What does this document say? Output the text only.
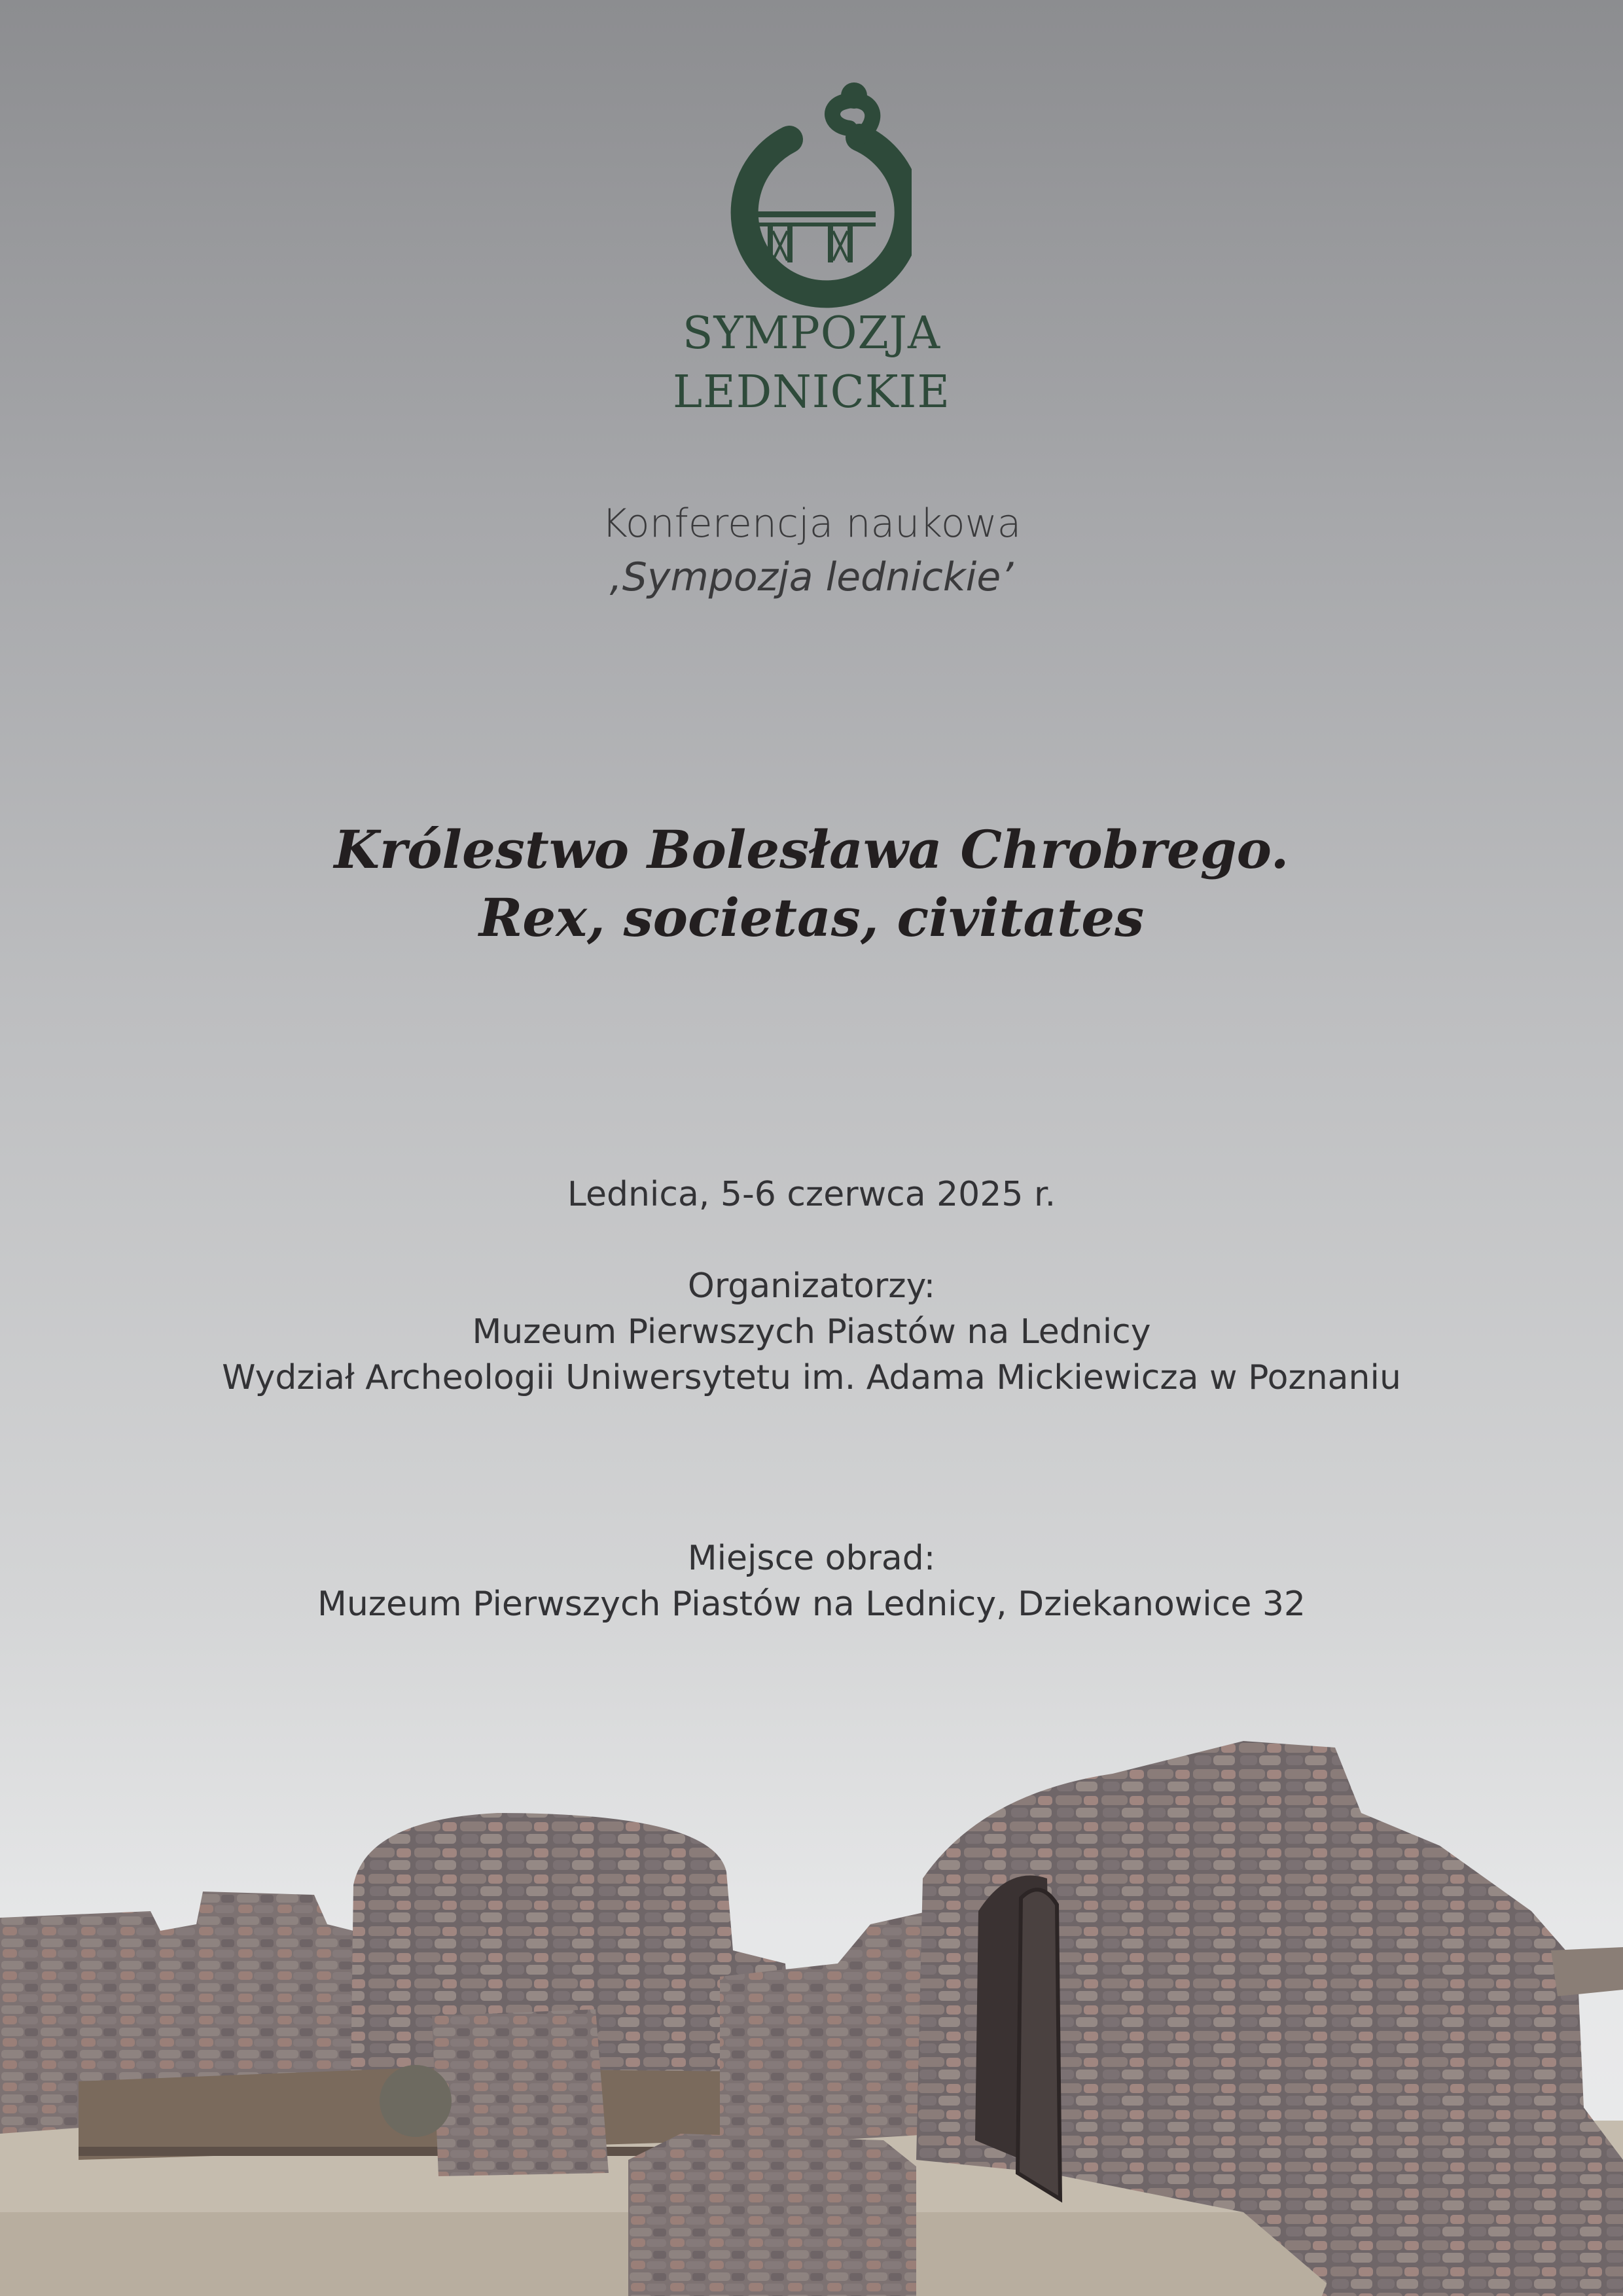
SYMPOZJA
LEDNICKIE
Konferencja naukowa
‚Sympozja lednickie’
Królestwo Bolesława Chrobrego.
Rex, societas, civitates
Lednica, 5-6 czerwca 2025 r.
Organizatorzy:
Muzeum Pierwszych Piastów na Lednicy
Wydział Archeologii Uniwersytetu im. Adama Mickiewicza w Poznaniu
Miejsce obrad:
Muzeum Pierwszych Piastów na Lednicy, Dziekanowice 32
